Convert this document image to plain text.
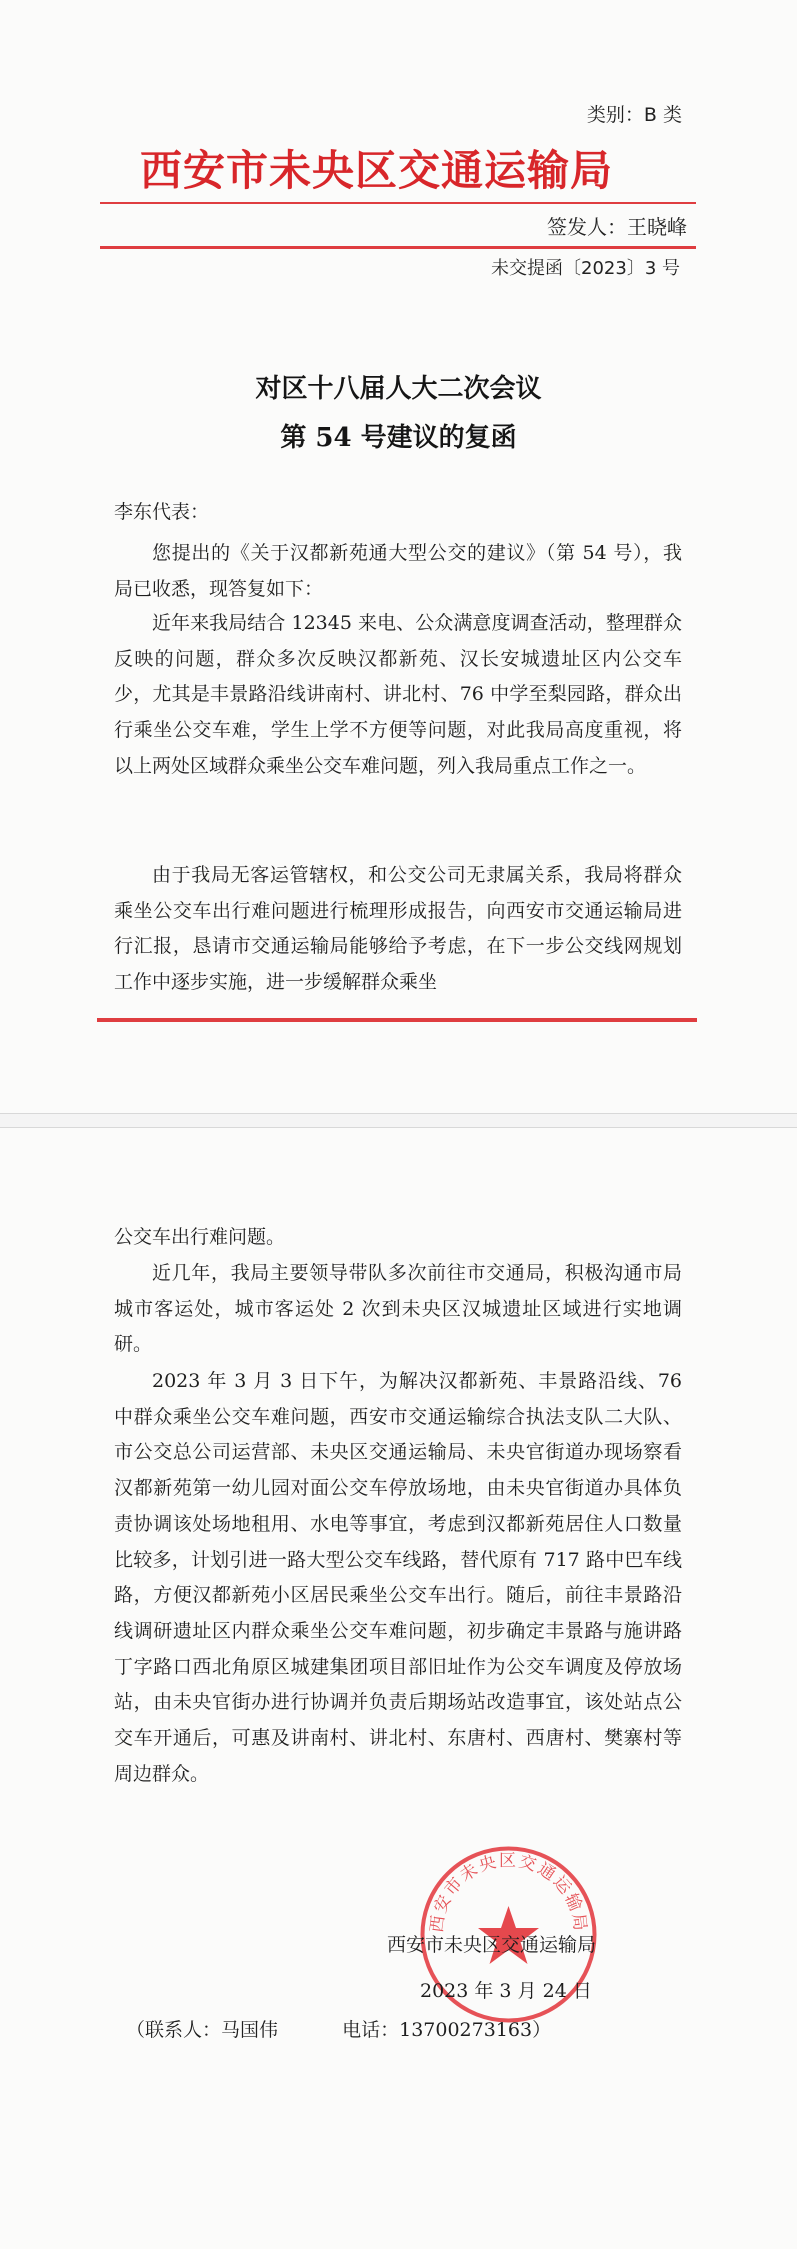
类别：B 类
西安市未央区交通运输局
签发人：王晓峰
未交提函〔2023〕3 号
对区十八届人大二次会议
第 54 号建议的复函
李东代表：
您提出的《关于汉都新苑通大型公交的建议》（第 54 号），我局已收悉，现答复如下：
近年来我局结合 12345 来电、公众满意度调查活动，整理群众反映的问题，群众多次反映汉都新苑、汉长安城遗址区内公交车少，尤其是丰景路沿线讲南村、讲北村、76 中学至梨园路，群众出行乘坐公交车难，学生上学不方便等问题，对此我局高度重视，将以上两处区域群众乘坐公交车难问题，列入我局重点工作之一。
由于我局无客运管辖权，和公交公司无隶属关系，我局将群众乘坐公交车出行难问题进行梳理形成报告，向西安市交通运输局进行汇报，恳请市交通运输局能够给予考虑，在下一步公交线网规划工作中逐步实施，进一步缓解群众乘坐
公交车出行难问题。
近几年，我局主要领导带队多次前往市交通局，积极沟通市局城市客运处，城市客运处 2 次到未央区汉城遗址区域进行实地调研。
2023 年 3 月 3 日下午，为解决汉都新苑、丰景路沿线、76 中群众乘坐公交车难问题，西安市交通运输综合执法支队二大队、市公交总公司运营部、未央区交通运输局、未央官街道办现场察看汉都新苑第一幼儿园对面公交车停放场地，由未央官街道办具体负责协调该处场地租用、水电等事宜，考虑到汉都新苑居住人口数量比较多，计划引进一路大型公交车线路，替代原有 717 路中巴车线路，方便汉都新苑小区居民乘坐公交车出行。随后，前往丰景路沿线调研遗址区内群众乘坐公交车难问题，初步确定丰景路与施讲路丁字路口西北角原区城建集团项目部旧址作为公交车调度及停放场站，由未央官街办进行协调并负责后期场站改造事宜，该处站点公交车开通后，可惠及讲南村、讲北村、东唐村、西唐村、樊寨村等周边群众。
西安市未央区交通运输局
西安市未央区交通运输局
2023 年 3 月 24 日
（联系人：马国伟	电话：13700273163）
